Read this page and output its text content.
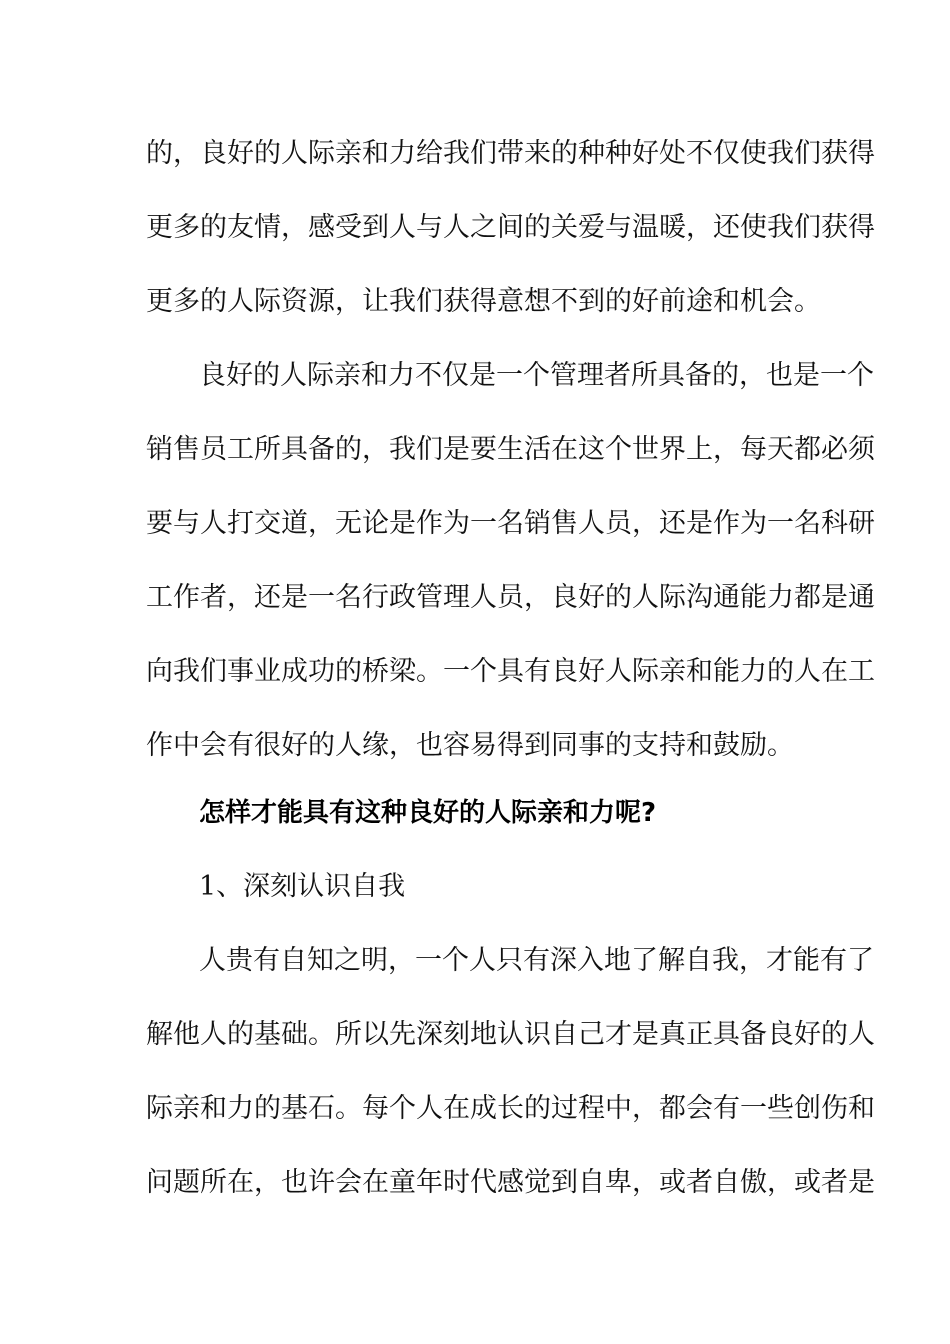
的，良好的人际亲和力给我们带来的种种好处不仅使我们获得
更多的友情，感受到人与人之间的关爱与温暖，还使我们获得
更多的人际资源，让我们获得意想不到的好前途和机会。
良好的人际亲和力不仅是一个管理者所具备的，也是一个
销售员工所具备的，我们是要生活在这个世界上，每天都必须
要与人打交道，无论是作为一名销售人员，还是作为一名科研
工作者，还是一名行政管理人员，良好的人际沟通能力都是通
向我们事业成功的桥梁。一个具有良好人际亲和能力的人在工
作中会有很好的人缘，也容易得到同事的支持和鼓励。
怎样才能具有这种良好的人际亲和力呢?
1、深刻认识自我
人贵有自知之明，一个人只有深入地了解自我，才能有了
解他人的基础。所以先深刻地认识自己才是真正具备良好的人
际亲和力的基石。每个人在成长的过程中，都会有一些创伤和
问题所在，也许会在童年时代感觉到自卑，或者自傲，或者是
